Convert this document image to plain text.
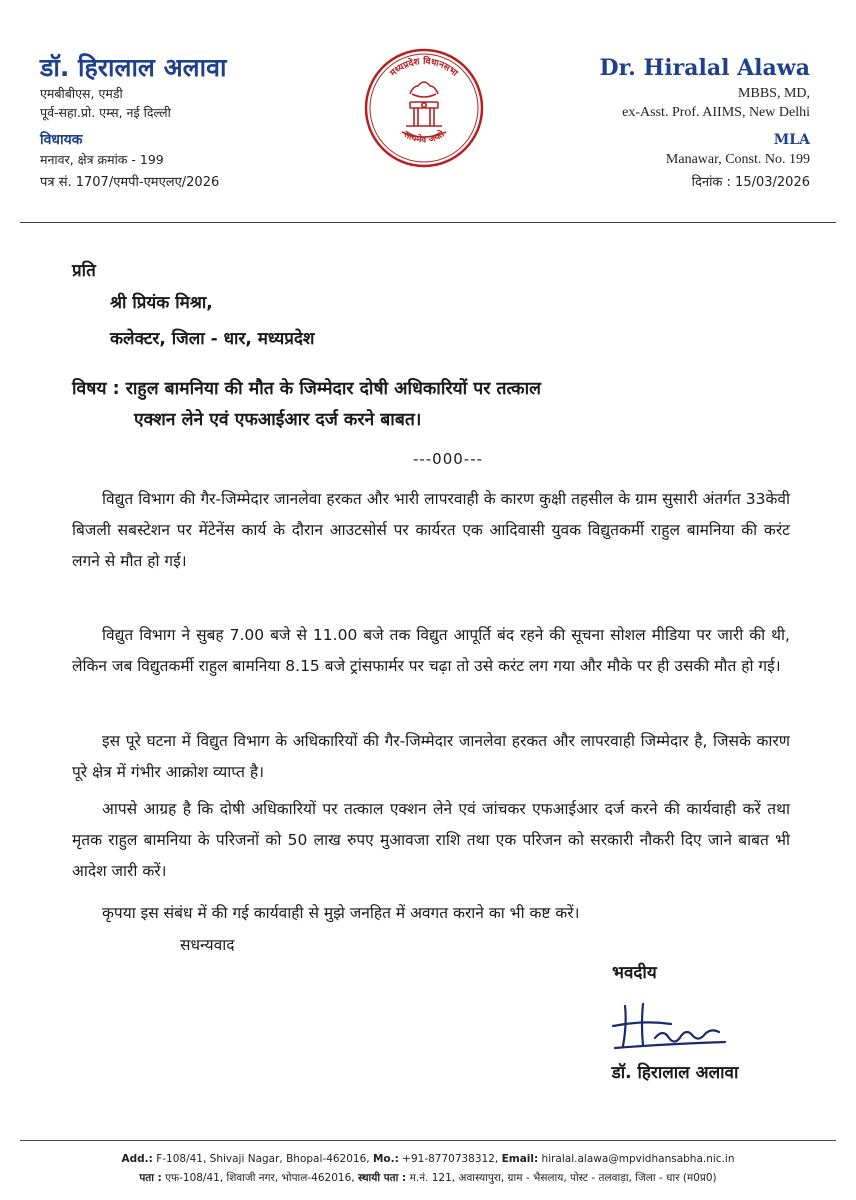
डॉ. हिरालाल अलावा
एमबीबीएस, एमडी
पूर्व-सहा.प्रो. एम्स, नई दिल्ली
विधायक
मनावर, क्षेत्र क्रमांक - 199
पत्र सं. 1707/एमपी-एमएलए/2026
मध्यप्रदेश विधानसभा
सत्यमेव जयते
Dr. Hiralal Alawa
MBBS, MD,
ex-Asst. Prof. AIIMS, New Delhi
MLA
Manawar, Const. No. 199
दिनांक : 15/03/2026
प्रति
श्री प्रियंक मिश्रा,
कलेक्टर, जिला - धार, मध्यप्रदेश
विषय : राहुल बामनिया की मौत के जिम्मेदार दोषी अधिकारियों पर तत्काल
एक्शन लेने एवं एफआईआर दर्ज करने बाबत।
---000---
विद्युत विभाग की गैर-जिम्मेदार जानलेवा हरकत और भारी लापरवाही के कारण कुक्षी तहसील के ग्राम सुसारी अंतर्गत 33केवी बिजली सबस्टेशन पर मेंटेनेंस कार्य के दौरान आउटसोर्स पर कार्यरत एक आदिवासी युवक विद्युतकर्मी राहुल बामनिया की करंट लगने से मौत हो गई।
विद्युत विभाग ने सुबह 7.00 बजे से 11.00 बजे तक विद्युत आपूर्ति बंद रहने की सूचना सोशल मीडिया पर जारी की थी, लेकिन जब विद्युतकर्मी राहुल बामनिया 8.15 बजे ट्रांसफार्मर पर चढ़ा तो उसे करंट लग गया और मौके पर ही उसकी मौत हो गई।
इस पूरे घटना में विद्युत विभाग के अधिकारियों की गैर-जिम्मेदार जानलेवा हरकत और लापरवाही जिम्मेदार है, जिसके कारण पूरे क्षेत्र में गंभीर आक्रोश व्याप्त है।
आपसे आग्रह है कि दोषी अधिकारियों पर तत्काल एक्शन लेने एवं जांचकर एफआईआर दर्ज करने की कार्यवाही करें तथा मृतक राहुल बामनिया के परिजनों को 50 लाख रुपए मुआवजा राशि तथा एक परिजन को सरकारी नौकरी दिए जाने बाबत भी आदेश जारी करें।
कृपया इस संबंध में की गई कार्यवाही से मुझे जनहित में अवगत कराने का भी कष्ट करें।
सधन्यवाद
भवदीय
डॉ. हिरालाल अलावा
Add.: F-108/41, Shivaji Nagar, Bhopal-462016, Mo.: +91-8770738312, Email: hiralal.alawa@mpvidhansabha.nic.in
पता : एफ-108/41, शिवाजी नगर, भोपाल-462016, स्थायी पता : म.नं. 121, अवास्यापुरा, ग्राम - भैसलाय, पोस्ट - तलवाड़ा, जिला - धार (म0प्र0)
